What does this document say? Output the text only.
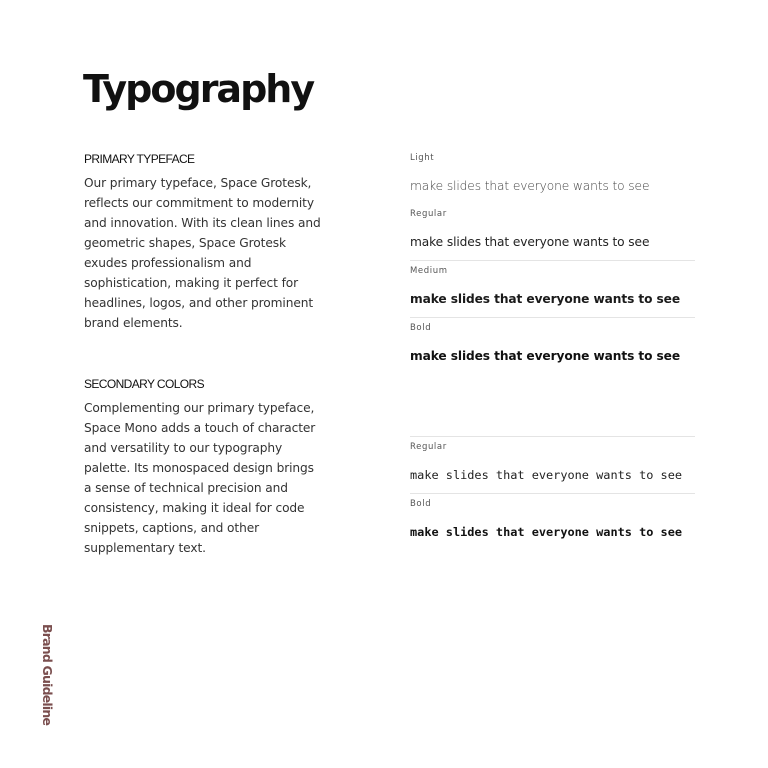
Typography
PRIMARY TYPEFACE

Our primary typeface, Space Grotesk, reflects our commitment to modernity and innovation. With its clean lines and geometric shapes, Space Grotesk exudes professionalism and sophistication, making it perfect for headlines, logos, and other prominent brand elements.

SECONDARY COLORS

Complementing our primary typeface, Space Mono adds a touch of character and versatility to our typography palette. Its monospaced design brings a sense of technical precision and consistency, making it ideal for code snippets, captions, and other supplementary text.

Light
make slides that everyone wants to see
Regular
make slides that everyone wants to see
Medium
make slides that everyone wants to see
Bold
make slides that everyone wants to see
Regular
make slides that everyone wants to see
Bold
make slides that everyone wants to see
Brand Guideline
